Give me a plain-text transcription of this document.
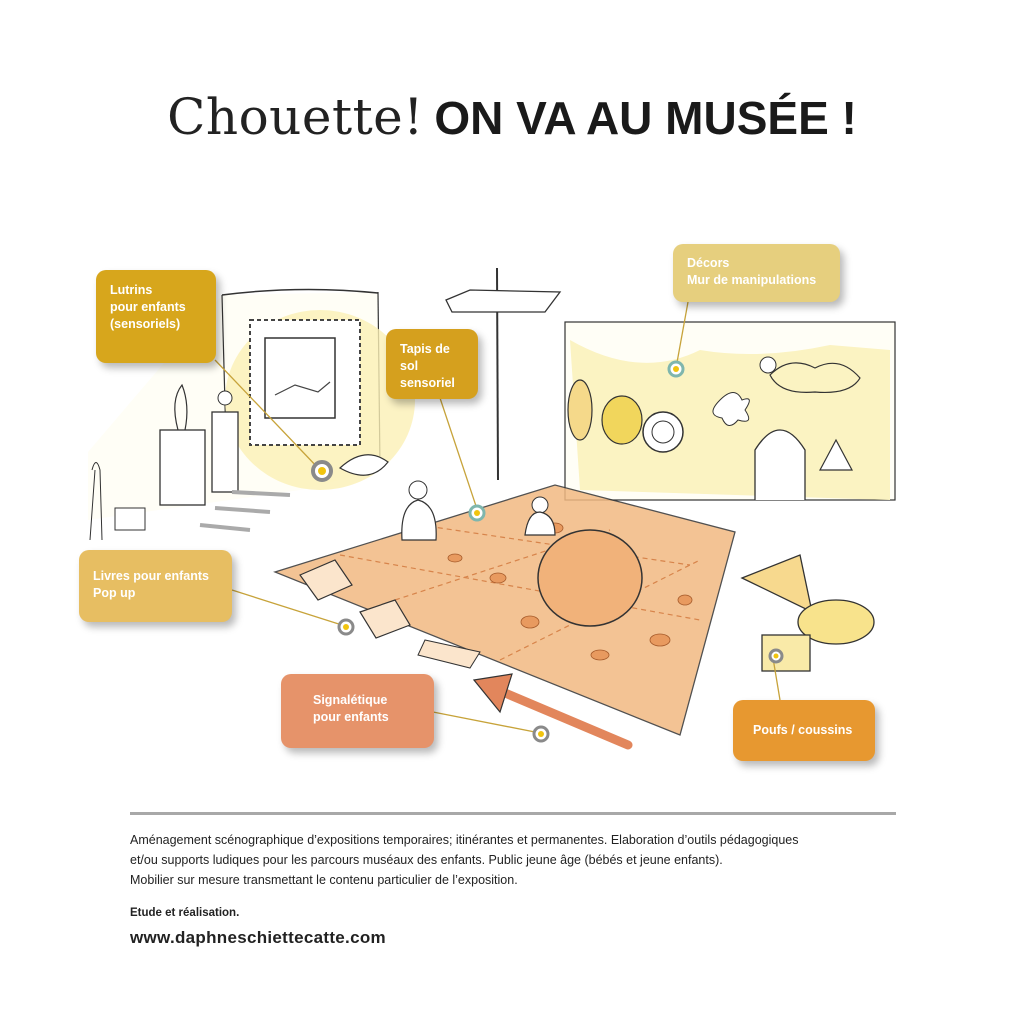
Chouette! ON VA AU MUSÉE !
Lutrins
pour enfants
(sensoriels)
Tapis de sol
sensoriel
Décors
Mur de manipulations
Livres pour enfants
Pop up
Signalétique
pour enfants
Poufs / coussins
Aménagement scénographique d’expositions temporaires; itinérantes et permanentes. Elaboration d’outils pédagogiques
et/ou supports ludiques pour les parcours muséaux des enfants. Public jeune âge (bébés et jeune enfants).
Mobilier sur mesure transmettant le contenu particulier de l’exposition.
Etude et réalisation.
www.daphneschiettecatte.com
